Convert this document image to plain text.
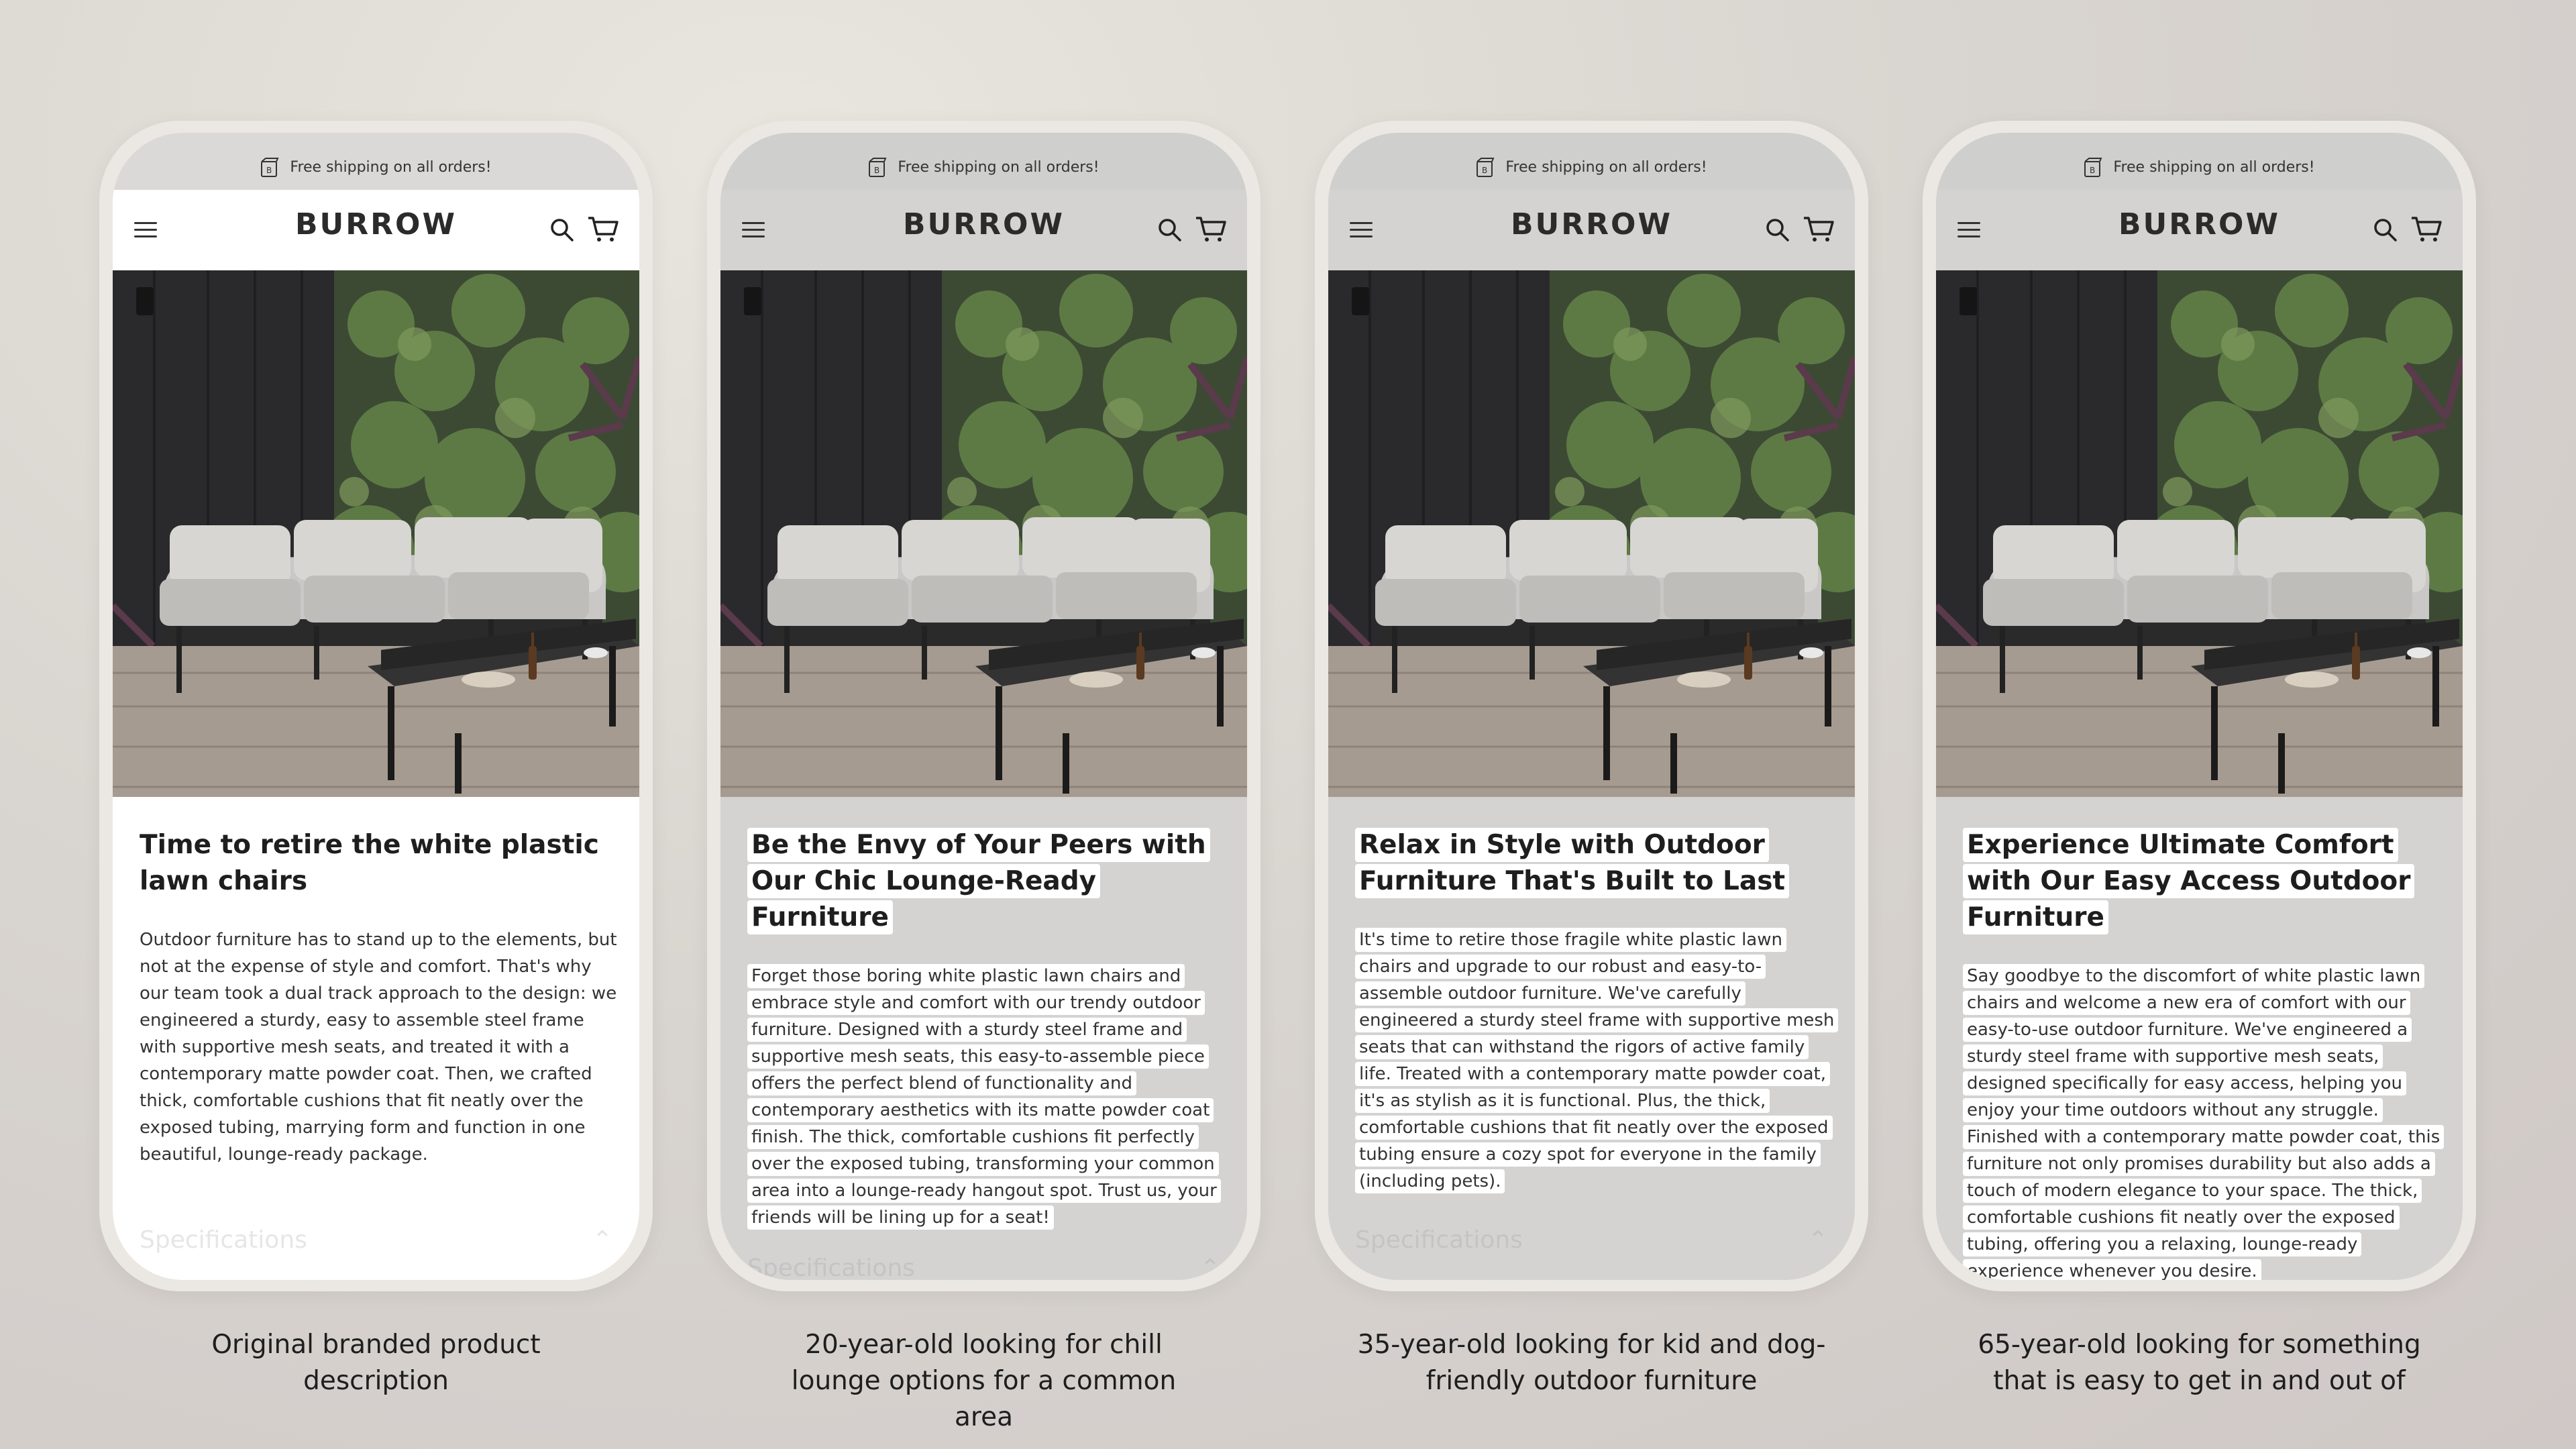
B Free shipping on all orders!
BURROW
Time to retire the white plastic lawn chairs

Outdoor furniture has to stand up to the elements, but not at the expense of style and comfort. That's why our team took a dual track approach to the design: we engineered a sturdy, easy to assemble steel frame with supportive mesh seats, and treated it with a contemporary matte powder coat. Then, we crafted thick, comfortable cushions that fit neatly over the exposed tubing, marrying form and function in one beautiful, lounge-ready package.

Specifications	⌃
Original branded product description
B Free shipping on all orders!
BURROW
Be the Envy of Your Peers with Our Chic Lounge-Ready Furniture

Forget those boring white plastic lawn chairs and embrace style and comfort with our trendy outdoor furniture. Designed with a sturdy steel frame and supportive mesh seats, this easy-to-assemble piece offers the perfect blend of functionality and contemporary aesthetics with its matte powder coat finish. The thick, comfortable cushions fit perfectly over the exposed tubing, transforming your common area into a lounge-ready hangout spot. Trust us, your friends will be lining up for a seat!

Specifications	⌃
20-year-old looking for chill lounge options for a common area
B Free shipping on all orders!
BURROW
Relax in Style with Outdoor Furniture That's Built to Last

It's time to retire those fragile white plastic lawn chairs and upgrade to our robust and easy-to-assemble outdoor furniture. We've carefully engineered a sturdy steel frame with supportive mesh seats that can withstand the rigors of active family life. Treated with a contemporary matte powder coat, it's as stylish as it is functional. Plus, the thick, comfortable cushions that fit neatly over the exposed tubing ensure a cozy spot for everyone in the family (including pets).

Specifications	⌃
35-year-old looking for kid and dog-friendly outdoor furniture
B Free shipping on all orders!
BURROW
Experience Ultimate Comfort with Our Easy Access Outdoor Furniture

Say goodbye to the discomfort of white plastic lawn chairs and welcome a new era of comfort with our easy-to-use outdoor furniture. We've engineered a sturdy steel frame with supportive mesh seats, designed specifically for easy access, helping you enjoy your time outdoors without any struggle. Finished with a contemporary matte powder coat, this furniture not only promises durability but also adds a touch of modern elegance to your space. The thick, comfortable cushions fit neatly over the exposed tubing, offering you a relaxing, lounge-ready experience whenever you desire.

65-year-old looking for something that is easy to get in and out of
